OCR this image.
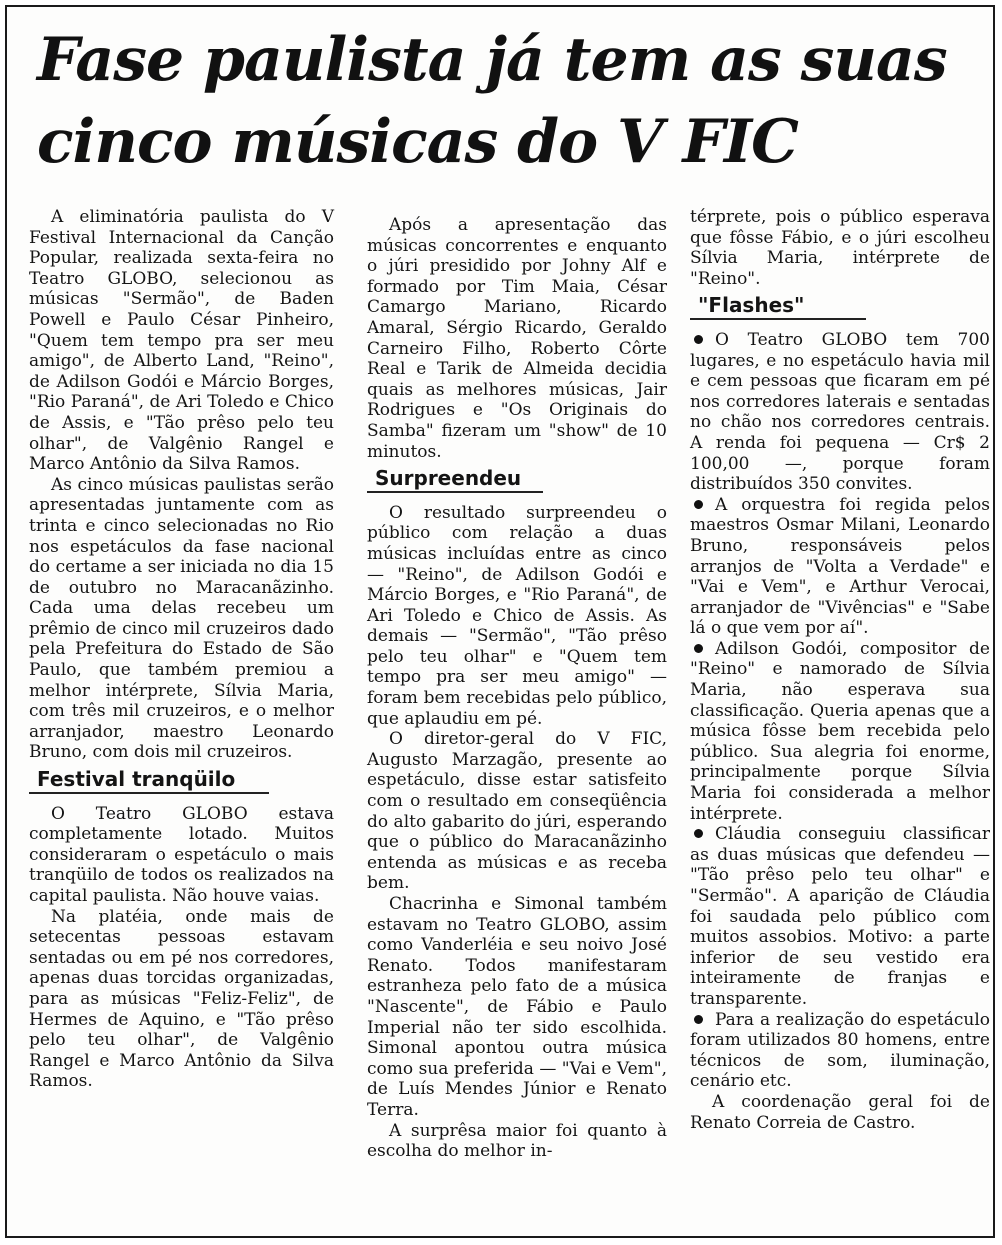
Fase paulista já tem as suas cinco músicas do V FIC

A eliminatória paulista do V Festival Internacional da Canção Popular, realizada sexta-feira no Teatro GLOBO, selecionou as músicas "Sermão", de Baden Powell e Paulo César Pinheiro, "Quem tem tempo pra ser meu amigo", de Alberto Land, "Reino", de Adilson Godói e Márcio Borges, "Rio Paraná", de Ari Toledo e Chico de Assis, e "Tão prêso pelo teu olhar", de Valgênio Rangel e Marco Antônio da Silva Ramos.

As cinco músicas paulistas serão apresentadas juntamente com as trinta e cinco selecionadas no Rio nos espetáculos da fase nacional do certame a ser iniciada no dia 15 de outubro no Maracanãzinho. Cada uma delas recebeu um prêmio de cinco mil cruzeiros dado pela Prefeitura do Estado de São Paulo, que também premiou a melhor intérprete, Sílvia Maria, com três mil cruzeiros, e o melhor arranjador, maestro Leonardo Bruno, com dois mil cruzeiros.

Festival tranqüilo

O Teatro GLOBO estava completamente lotado. Muitos consideraram o espetáculo o mais tranqüilo de todos os realizados na capital paulista. Não houve vaias.

Na platéia, onde mais de setecentas pessoas estavam sentadas ou em pé nos corredores, apenas duas torcidas organizadas, para as músicas "Feliz-Feliz", de Hermes de Aquino, e "Tão prêso pelo teu olhar", de Valgênio Rangel e Marco Antônio da Silva Ramos.

Após a apresentação das músicas concorrentes e enquanto o júri presidido por Johny Alf e formado por Tim Maia, César Camargo Mariano, Ricardo Amaral, Sérgio Ricardo, Geraldo Carneiro Filho, Roberto Côrte Real e Tarik de Almeida decidia quais as melhores músicas, Jair Rodrigues e "Os Originais do Samba" fizeram um "show" de 10 minutos.

Surpreendeu

O resultado surpreendeu o público com relação a duas músicas incluídas entre as cinco — "Reino", de Adilson Godói e Márcio Borges, e "Rio Paraná", de Ari Toledo e Chico de Assis. As demais — "Sermão", "Tão prêso pelo teu olhar" e "Quem tem tempo pra ser meu amigo" — foram bem recebidas pelo público, que aplaudiu em pé.

O diretor-geral do V FIC, Augusto Marzagão, presente ao espetáculo, disse estar satisfeito com o resultado em conseqüência do alto gabarito do júri, esperando que o público do Maracanãzinho entenda as músicas e as receba bem.

Chacrinha e Simonal também estavam no Teatro GLOBO, assim como Vanderléia e seu noivo José Renato. Todos manifestaram estranheza pelo fato de a música "Nascente", de Fábio e Paulo Imperial não ter sido escolhida. Simonal apontou outra música como sua preferida — "Vai e Vem", de Luís Mendes Júnior e Renato Terra.

A surprêsa maior foi quanto à escolha do melhor in-

térprete, pois o público esperava que fôsse Fábio, e o júri escolheu Sílvia Maria, intérprete de "Reino".

"Flashes"

O Teatro GLOBO tem 700 lugares, e no espetáculo havia mil e cem pessoas que ficaram em pé nos corredores laterais e sentadas no chão nos corredores centrais. A renda foi pequena — Cr$ 2 100,00 —, porque foram distribuídos 350 convites.

A orquestra foi regida pelos maestros Osmar Milani, Leonardo Bruno, responsáveis pelos arranjos de "Volta a Verdade" e "Vai e Vem", e Arthur Verocai, arranjador de "Vivências" e "Sabe lá o que vem por aí".

Adilson Godói, compositor de "Reino" e namorado de Sílvia Maria, não esperava sua classificação. Queria apenas que a música fôsse bem recebida pelo público. Sua alegria foi enorme, principalmente porque Sílvia Maria foi considerada a melhor intérprete.

Cláudia conseguiu classificar as duas músicas que defendeu — "Tão prêso pelo teu olhar" e "Sermão". A aparição de Cláudia foi saudada pelo público com muitos assobios. Motivo: a parte inferior de seu vestido era inteiramente de franjas e transparente.

Para a realização do espetáculo foram utilizados 80 homens, entre técnicos de som, iluminação, cenário etc.

A coordenação geral foi de Renato Correia de Castro.
